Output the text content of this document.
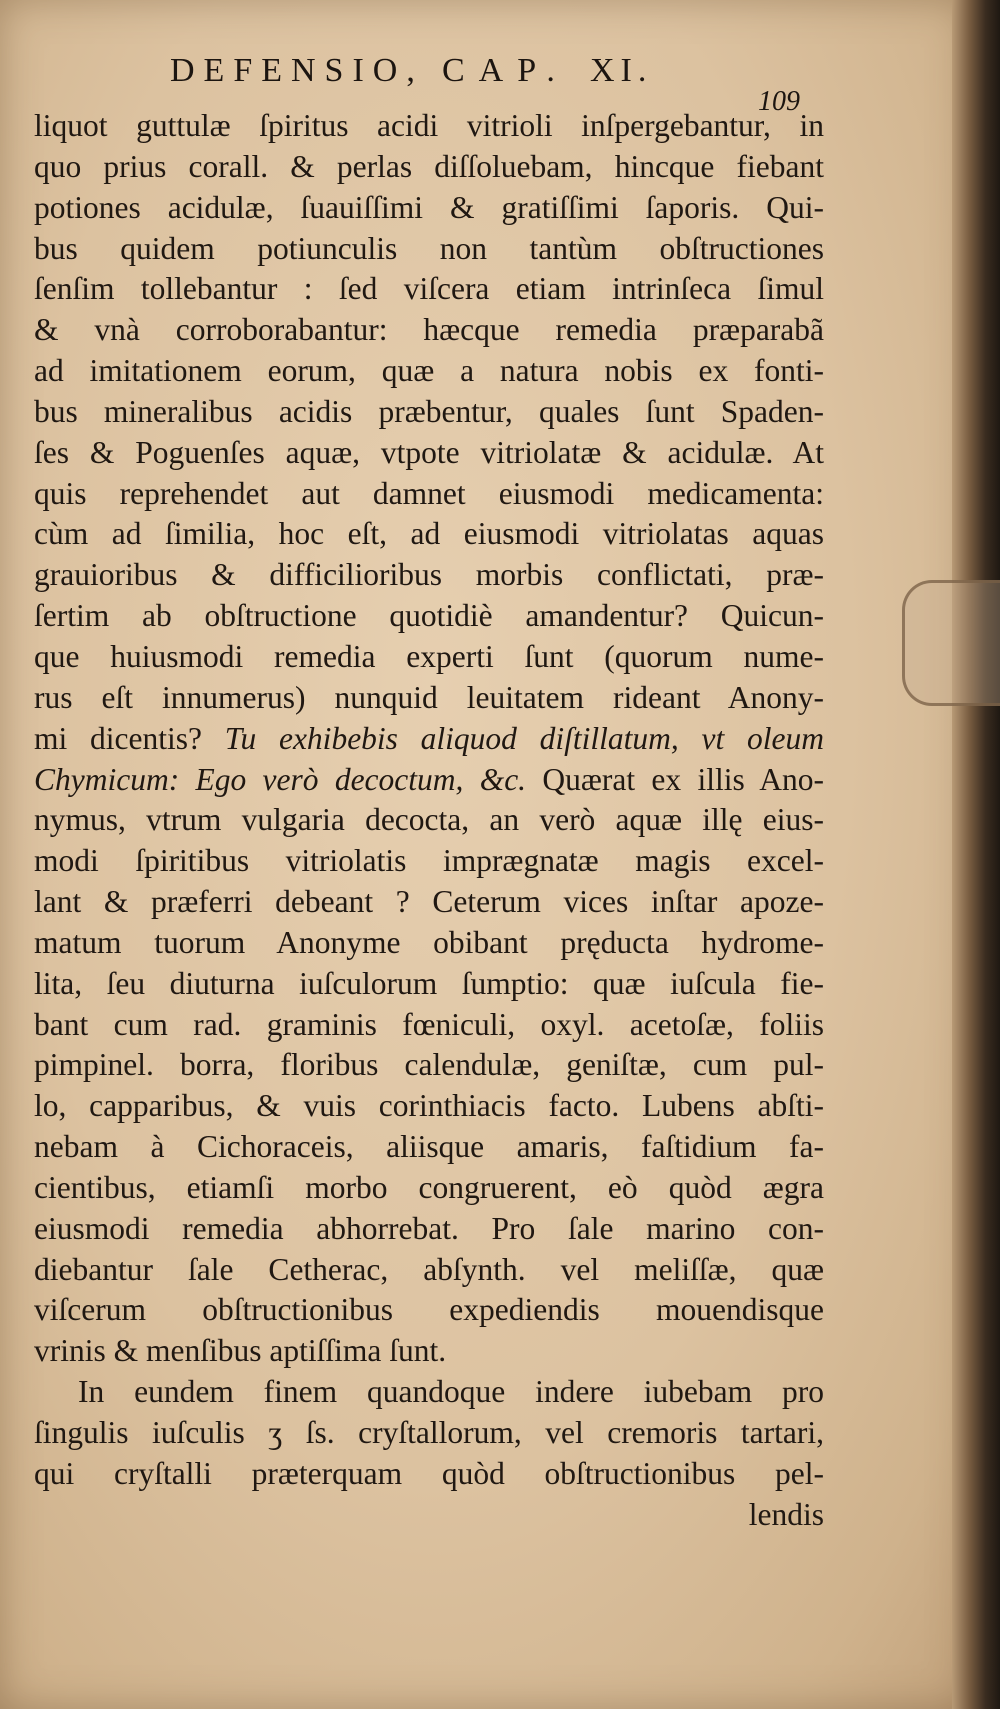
DEFENSIO, CAP. XI.
109
liquot guttulæ ſpiritus acidi vitrioli inſpergebantur, in
quo prius corall. & perlas diſſoluebam, hincque fiebant
potiones acidulæ, ſuauiſſimi & gratiſſimi ſaporis. Qui-
bus quidem potiunculis non tantùm obſtructiones
ſenſim tollebantur : ſed viſcera etiam intrinſeca ſimul
& vnà corroborabantur: hæcque remedia præparabã
ad imitationem eorum, quæ a natura nobis ex fonti-
bus mineralibus acidis præbentur, quales ſunt Spaden-
ſes & Poguenſes aquæ, vtpote vitriolatæ & acidulæ. At
quis reprehendet aut damnet eiusmodi medicamenta:
cùm ad ſimilia, hoc eſt, ad eiusmodi vitriolatas aquas
grauioribus & difficilioribus morbis conflictati, præ-
ſertim ab obſtructione quotidiè amandentur? Quicun-
que huiusmodi remedia experti ſunt (quorum nume-
rus eſt innumerus) nunquid leuitatem rideant Anony-
mi dicentis? Tu exhibebis aliquod diſtillatum, vt oleum
Chymicum: Ego verò decoctum, &c. Quærat ex illis Ano-
nymus, vtrum vulgaria decocta, an verò aquæ illę eius-
modi ſpiritibus vitriolatis imprægnatæ magis excel-
lant & præferri debeant ? Ceterum vices inſtar apoze-
matum tuorum Anonyme obibant pręducta hydrome-
lita, ſeu diuturna iuſculorum ſumptio: quæ iuſcula fie-
bant cum rad. graminis fœniculi, oxyl. acetoſæ, foliis
pimpinel. borra, floribus calendulæ, geniſtæ, cum pul-
lo, capparibus, & vuis corinthiacis facto. Lubens abſti-
nebam à Cichoraceis, aliisque amaris, faſtidium fa-
cientibus, etiamſi morbo congruerent, eò quòd ægra
eiusmodi remedia abhorrebat. Pro ſale marino con-
diebantur ſale Cetherac, abſynth. vel meliſſæ, quæ
viſcerum obſtructionibus expediendis mouendisque
vrinis & menſibus aptiſſima ſunt.
In eundem finem quandoque indere iubebam pro
ſingulis iuſculis ʒ ſs. cryſtallorum, vel cremoris tartari,
qui cryſtalli præterquam quòd obſtructionibus pel-
lendis
